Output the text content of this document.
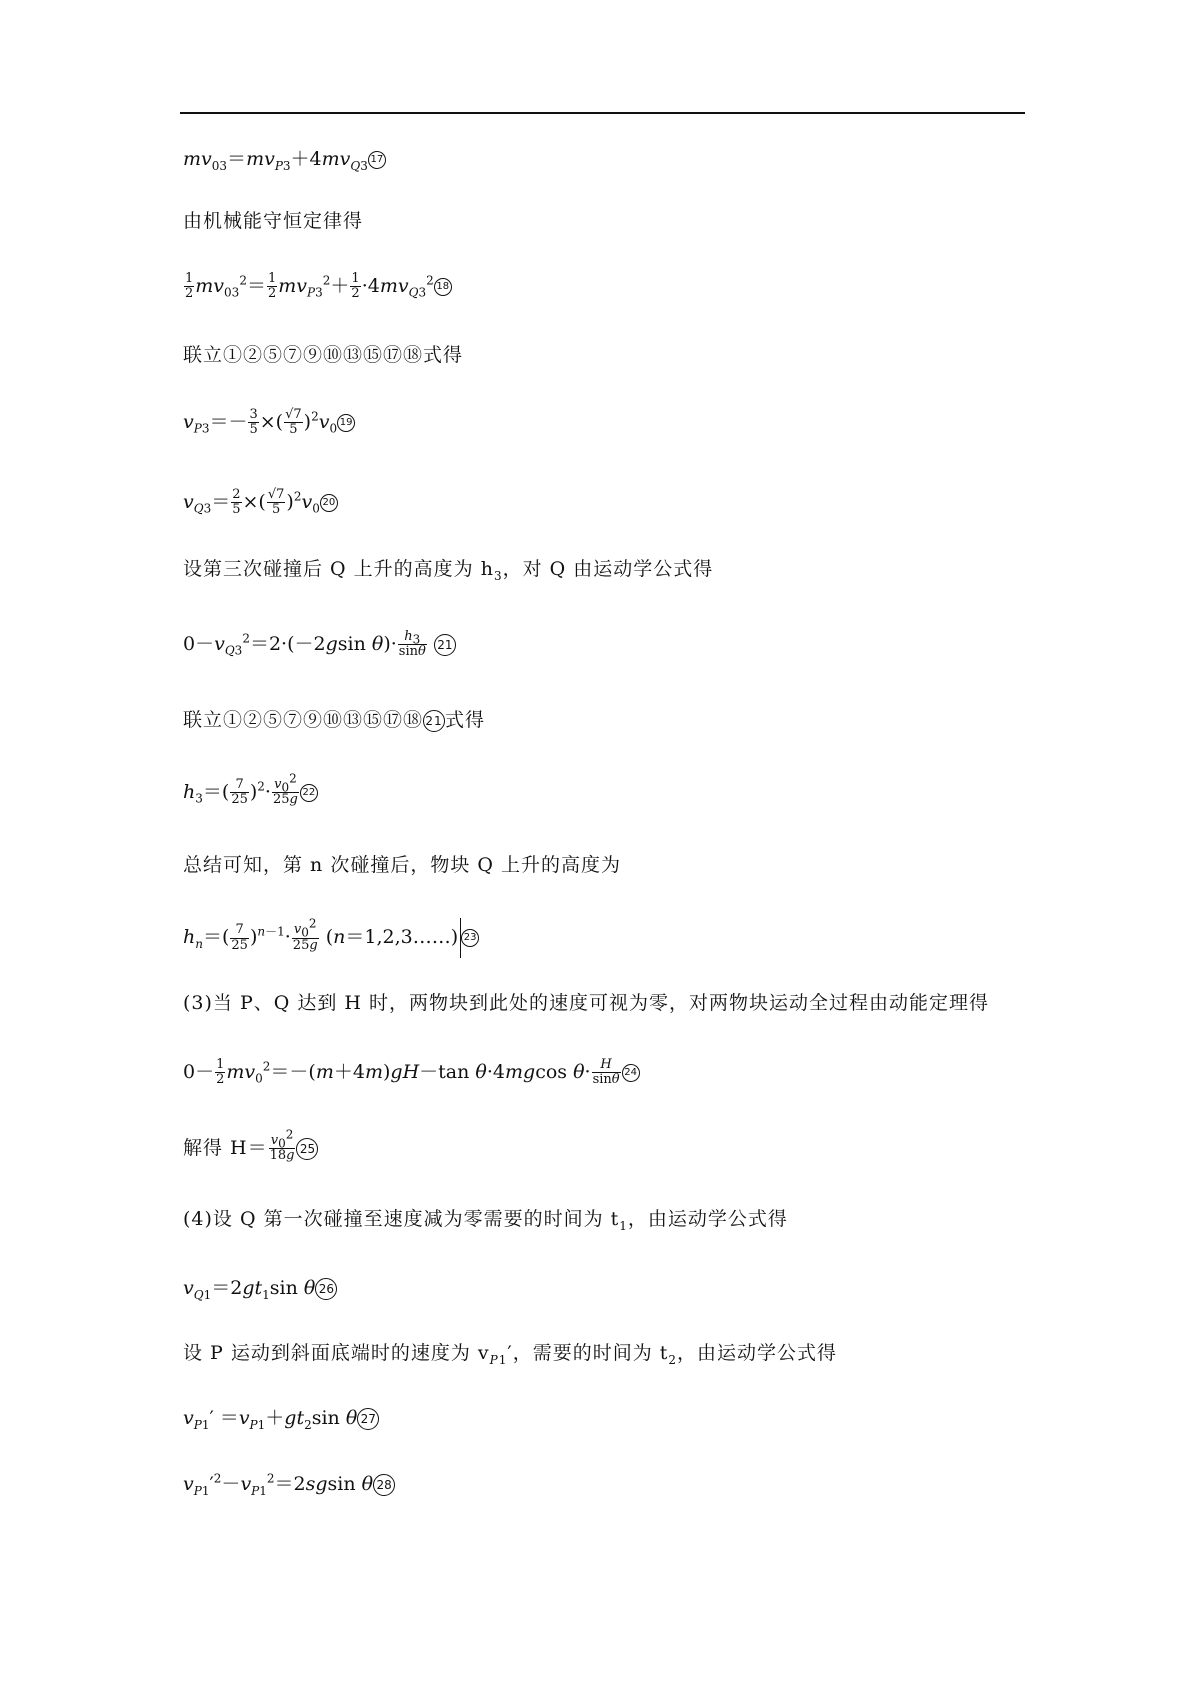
$mv_{03}=mv_{P3}+4mv_{Q3}$ 17
由机械能守恒定律得
$\frac{1}{2} mv_{03}^2= \frac{1}{2} mv_{P3}^2+ \frac{1}{2} \cdot 4mv_{Q3}^2$ 18
联立①②⑤⑦⑨⑩⑬⑮⑰⑱式得
$v_{P3}=- \frac{3}{5}$ ×( $\frac{√7}{5} )^2v_0$ 19
$v_{Q3}= \frac{2}{5}$ ×( $\frac{√7}{5} )^2v_0$ 20
设第三次碰撞后 Q 上升的高度为 $h_3$，对 Q 由运动学公式得
$0-v_{Q3}^2=2\cdot(-2gsin$ $\theta)\cdot \frac{h_3}{\sin\theta} 21$
联立①②⑤⑦⑨⑩⑬⑮⑰⑱ 21 式得
$h_3=( \frac{7}{25} )^2\cdot \frac{v_0^2}{25g} 22$
总结可知，第 n 次碰撞后，物块 Q 上升的高度为
$h_n=( \frac{7}{25} )^{n-1}\cdot \frac{v_0^2}{25g}$ (n＝1,2,3……) 23
(3)当 P、Q 达到 H 时，两物块到此处的速度可视为零，对两物块运动全过程由动能定理得
$0- \frac{1}{2} mv_0^2=-(m+4m)gH-\tan$ θ·4mgcos $\theta\cdot \frac{H}{\sin\theta} 24$
解得 $H= \frac{v_0^2}{18g} 25$
(4)设 Q 第一次碰撞至速度减为零需要的时间为 $t_1$，由运动学公式得
$v_{Q1}=2gt_1\sin$ θ 26
设 P 运动到斜面底端时的速度为 $v_{P1}'$，需要的时间为 $t_2$，由运动学公式得
$v_{P1}' =v_{P1}+gt_2\sin$ θ 27
$v_{P1}'^2-v_{P1}^2=2sgsin$ θ 28
